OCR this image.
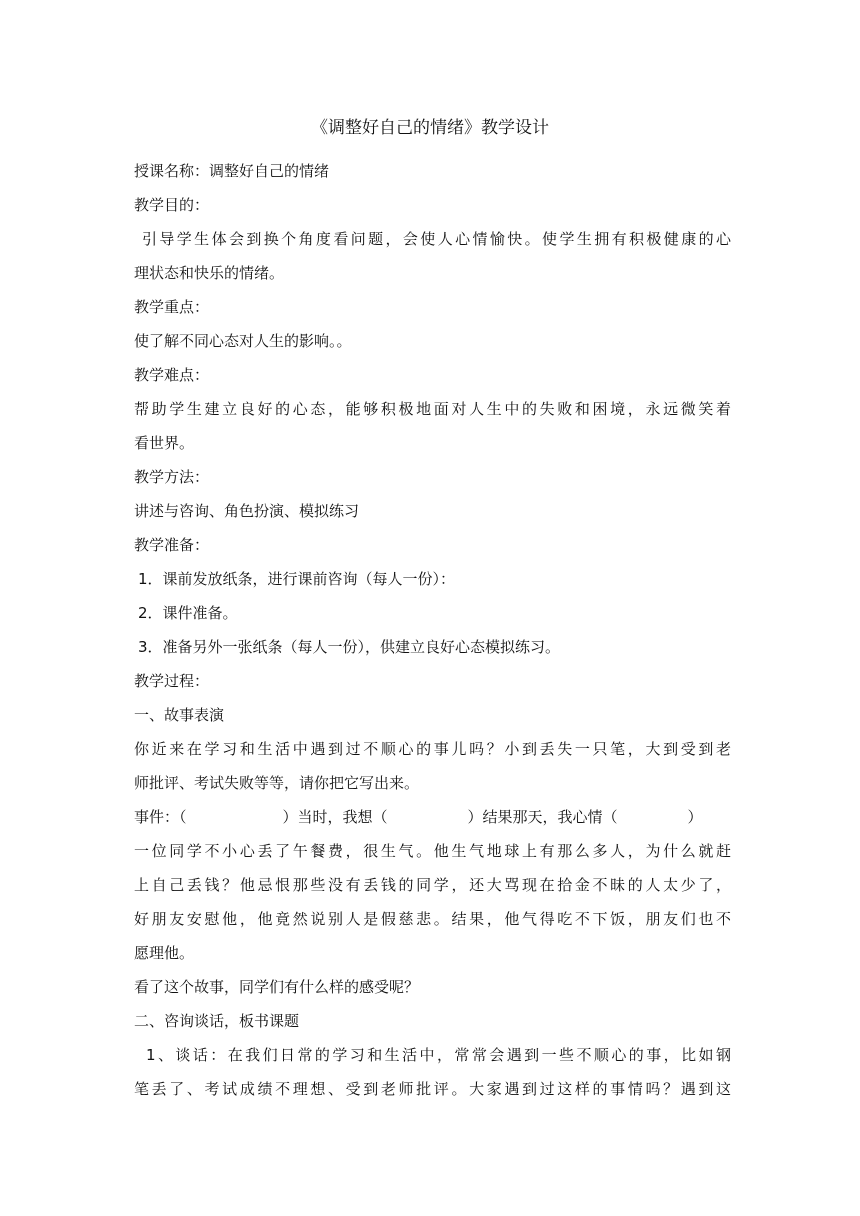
《调整好自己的情绪》教学设计
授课名称：调整好自己的情绪
教学目的：
引导学生体会到换个角度看问题，会使人心情愉快。使学生拥有积极健康的心
理状态和快乐的情绪。
教学重点：
使了解不同心态对人生的影响。。
教学难点：
帮助学生建立良好的心态，能够积极地面对人生中的失败和困境，永远微笑着
看世界。
教学方法：
讲述与咨询、角色扮演、模拟练习
教学准备：
1．课前发放纸条，进行课前咨询（每人一份）：
2．课件准备。
3．准备另外一张纸条（每人一份），供建立良好心态模拟练习。
教学过程：
一、故事表演
你近来在学习和生活中遇到过不顺心的事儿吗？小到丢失一只笔，大到受到老
师批评、考试失败等等，请你把它写出来。
事件：（	）当时，我想（	）结果那天，我心情（	）
一位同学不小心丢了午餐费，很生气。他生气地球上有那么多人，为什么就赶
上自己丢钱？他忌恨那些没有丢钱的同学，还大骂现在拾金不昧的人太少了，
好朋友安慰他，他竟然说别人是假慈悲。结果，他气得吃不下饭，朋友们也不
愿理他。
看了这个故事，同学们有什么样的感受呢？
二、咨询谈话，板书课题
1、谈话：在我们日常的学习和生活中，常常会遇到一些不顺心的事，比如钢
笔丢了、考试成绩不理想、受到老师批评。大家遇到过这样的事情吗？遇到这
